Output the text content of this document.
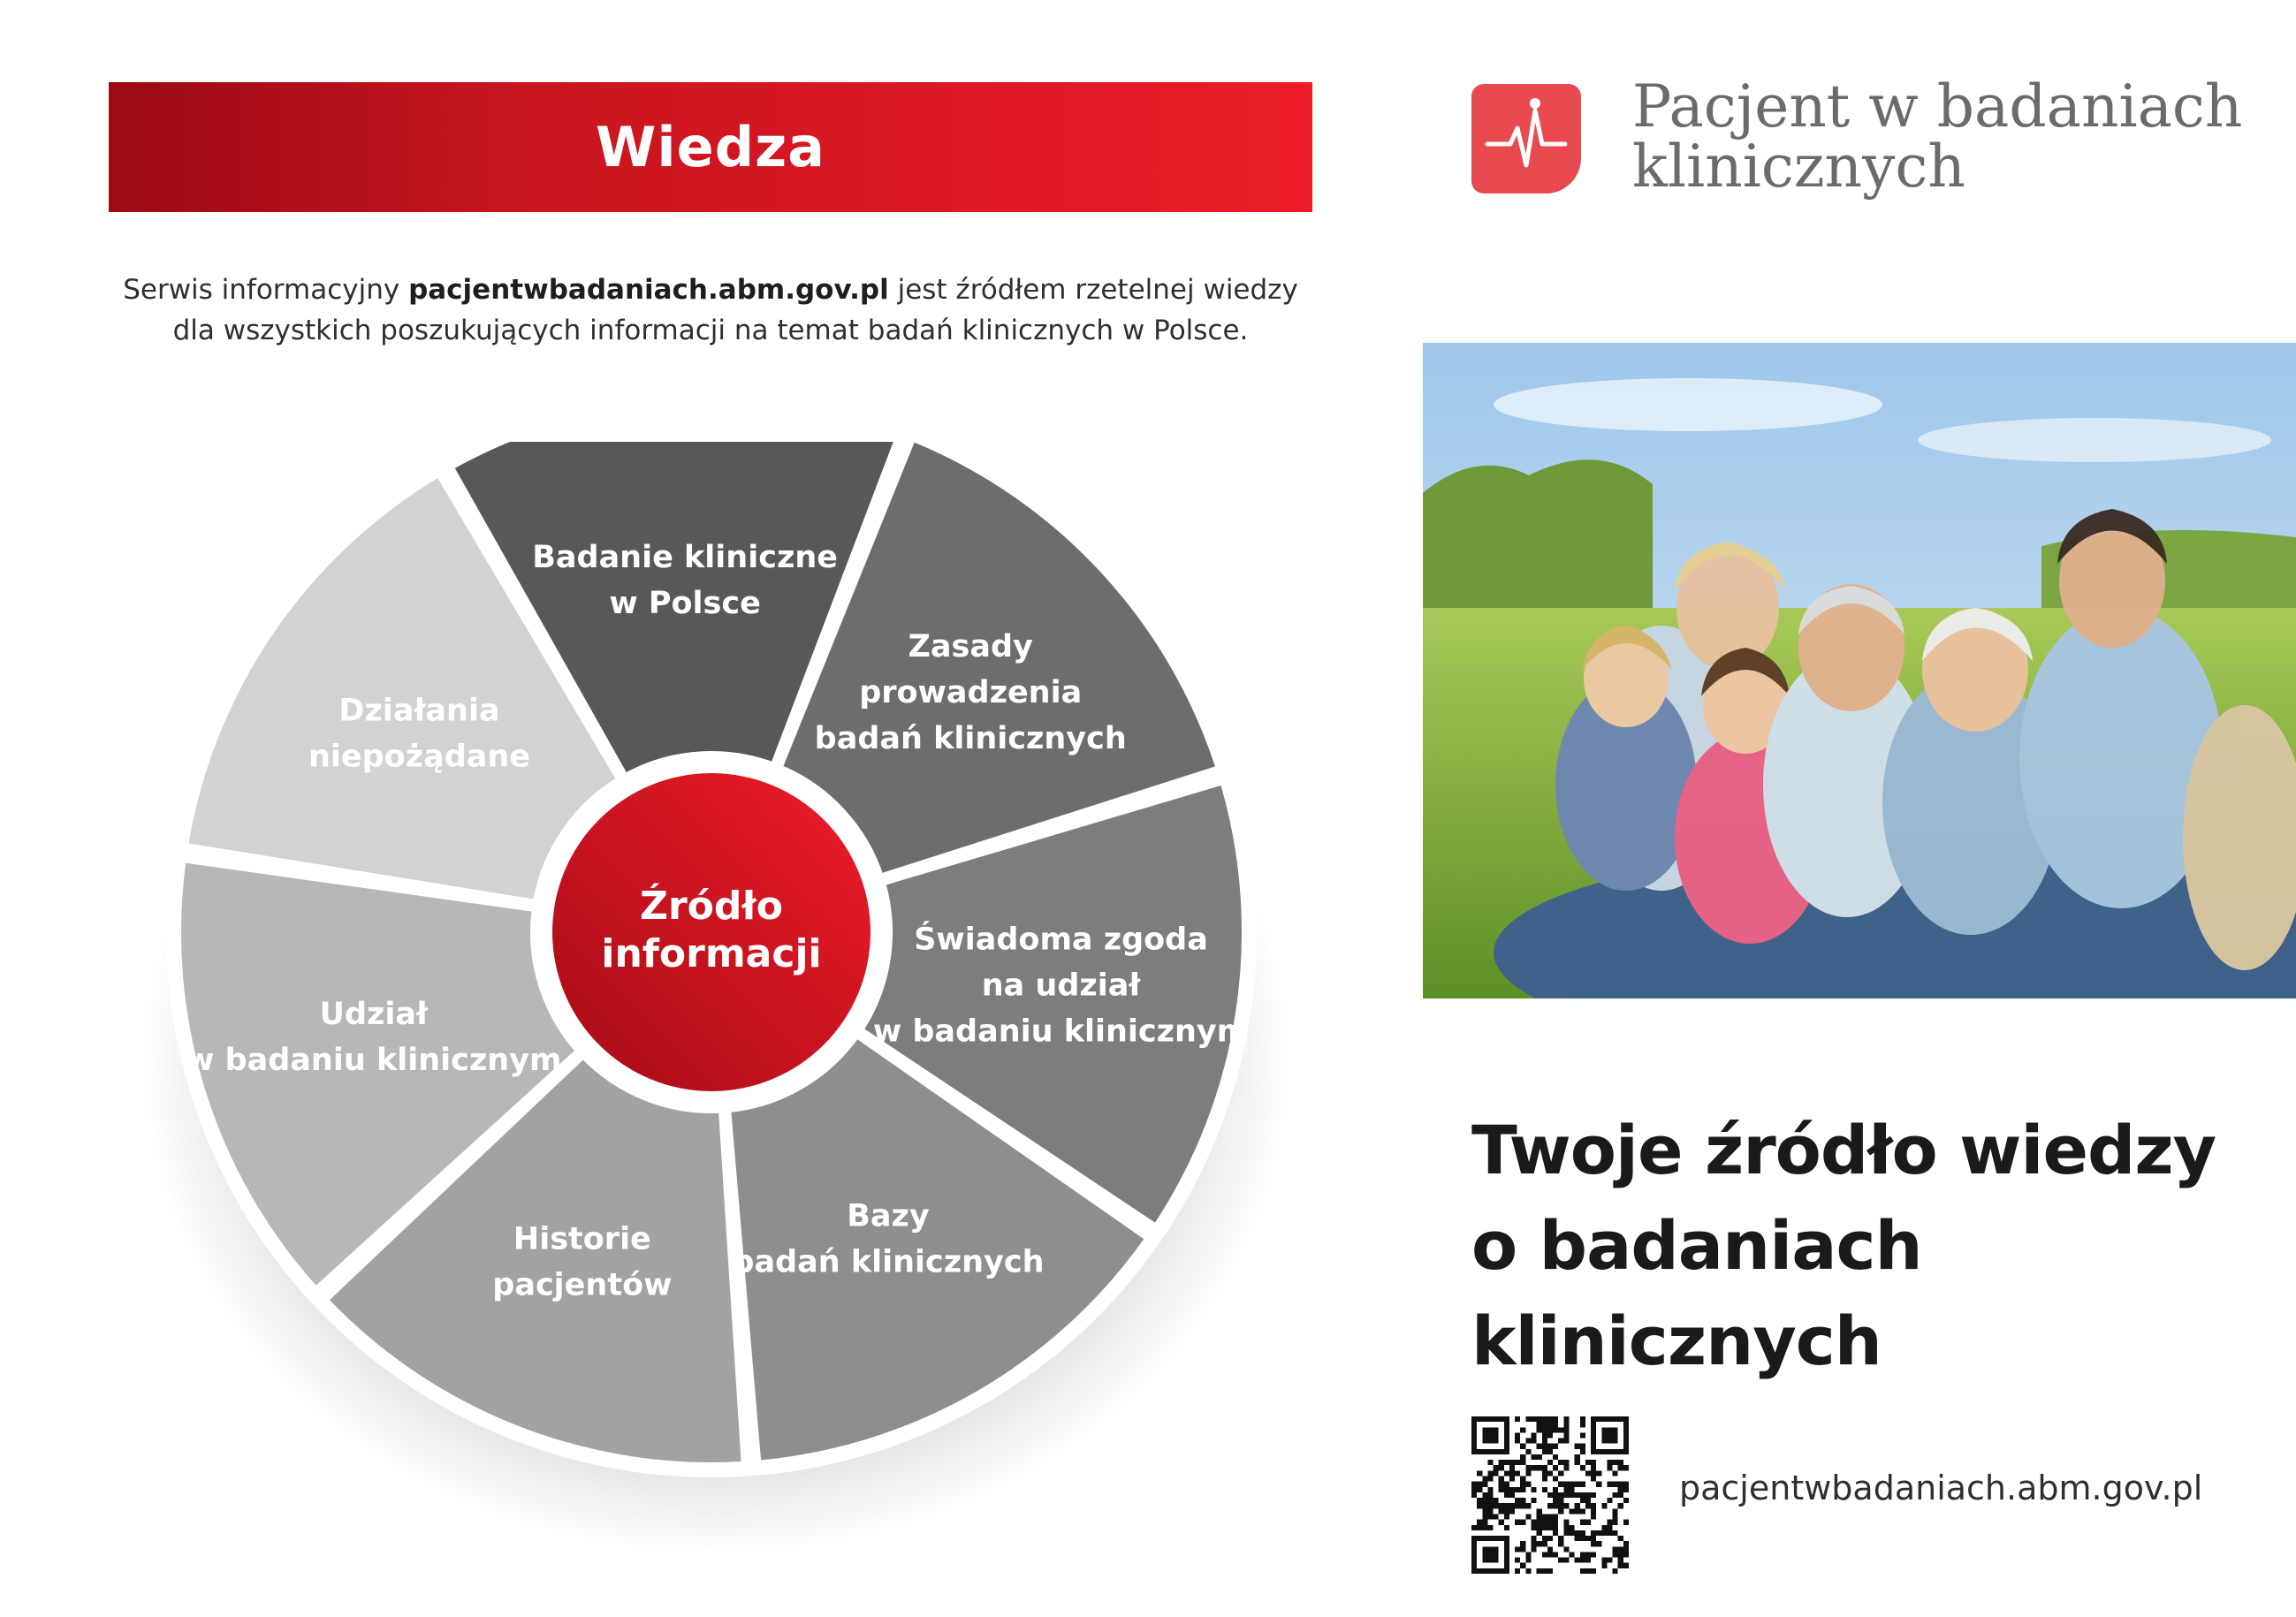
Wiedza
Serwis informacyjny pacjentwbadaniach.abm.gov.pl jest źródłem rzetelnej wiedzy
dla wszystkich poszukujących informacji na temat badań klinicznych w Polsce.
Źródło
informacji
Badanie kliniczne
w Polsce
Zasady
prowadzenia
badań klinicznych
Świadoma zgoda
na udział
w badaniu klinicznym
Bazy
badań klinicznych
Historie
pacjentów
Udział
w badaniu klinicznym
Działania
niepożądane
Pacjent w badaniach
klinicznych
Twoje źródło wiedzy
o badaniach klinicznych
pacjentwbadaniach.abm.gov.pl
